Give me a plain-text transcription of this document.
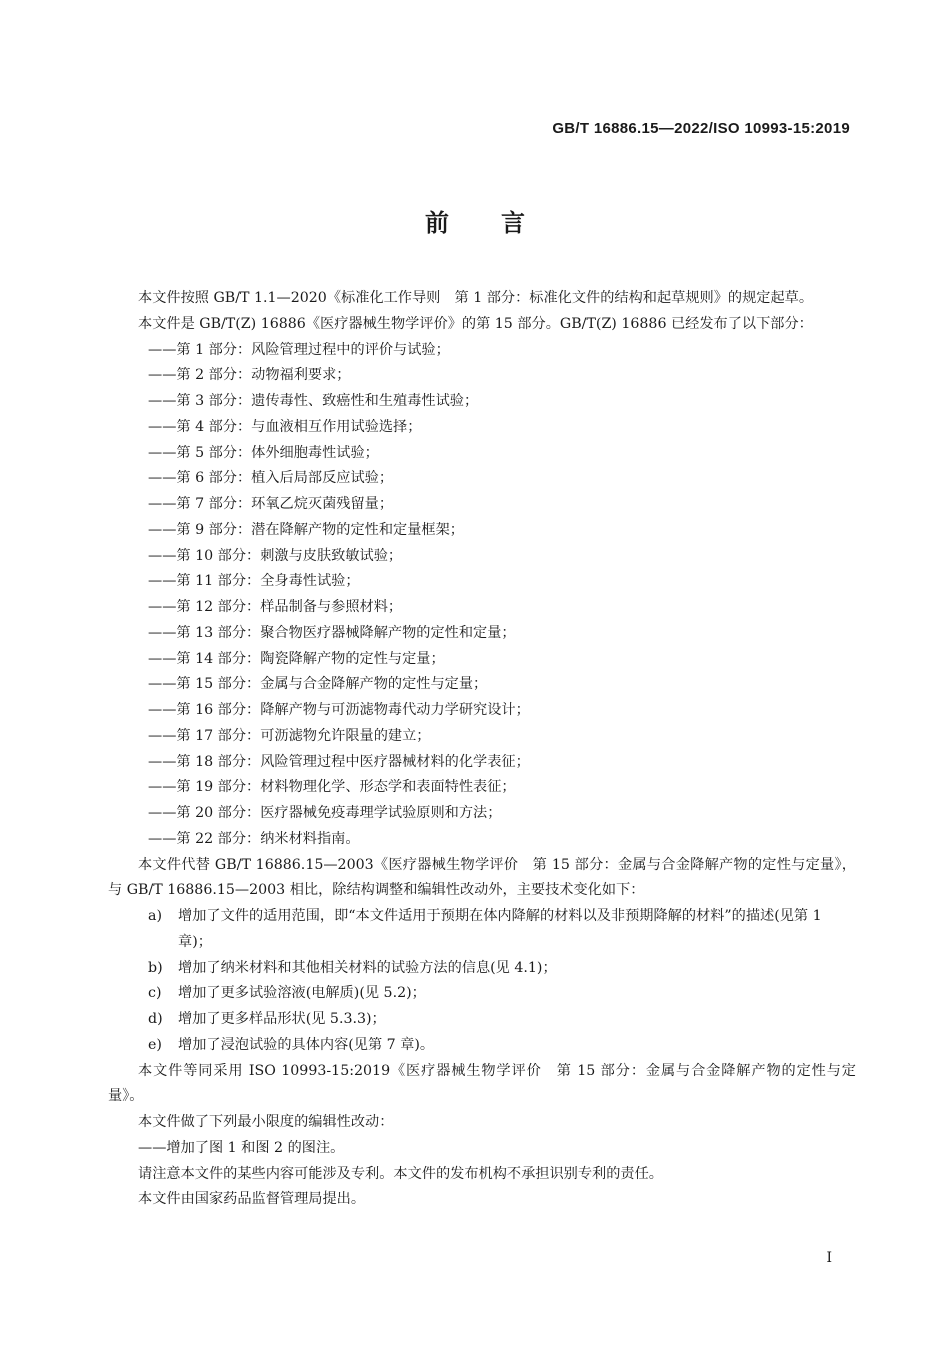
GB/T 16886.15—2022/ISO 10993-15:2019
前言

本文件按照 GB/T 1.1—2020《标准化工作导则　第 1 部分：标准化文件的结构和起草规则》的规定起草。

本文件是 GB/T(Z) 16886《医疗器械生物学评价》的第 15 部分。GB/T(Z) 16886 已经发布了以下部分：

——第 1 部分：风险管理过程中的评价与试验；
——第 2 部分：动物福利要求；
——第 3 部分：遗传毒性、致癌性和生殖毒性试验；
——第 4 部分：与血液相互作用试验选择；
——第 5 部分：体外细胞毒性试验；
——第 6 部分：植入后局部反应试验；
——第 7 部分：环氧乙烷灭菌残留量；
——第 9 部分：潜在降解产物的定性和定量框架；
——第 10 部分：刺激与皮肤致敏试验；
——第 11 部分：全身毒性试验；
——第 12 部分：样品制备与参照材料；
——第 13 部分：聚合物医疗器械降解产物的定性和定量；
——第 14 部分：陶瓷降解产物的定性与定量；
——第 15 部分：金属与合金降解产物的定性与定量；
——第 16 部分：降解产物与可沥滤物毒代动力学研究设计；
——第 17 部分：可沥滤物允许限量的建立；
——第 18 部分：风险管理过程中医疗器械材料的化学表征；
——第 19 部分：材料物理化学、形态学和表面特性表征；
——第 20 部分：医疗器械免疫毒理学试验原则和方法；
——第 22 部分：纳米材料指南。

本文件代替 GB/T 16886.15—2003《医疗器械生物学评价　第 15 部分：金属与合金降解产物的定性与定量》，与 GB/T 16886.15—2003 相比，除结构调整和编辑性改动外，主要技术变化如下：

a) 增加了文件的适用范围，即“本文件适用于预期在体内降解的材料以及非预期降解的材料”的描述(见第 1 章)；
b) 增加了纳米材料和其他相关材料的试验方法的信息(见 4.1)；
c) 增加了更多试验溶液(电解质)(见 5.2)；
d) 增加了更多样品形状(见 5.3.3)；
e) 增加了浸泡试验的具体内容(见第 7 章)。

本文件等同采用 ISO 10993-15:2019《医疗器械生物学评价　第 15 部分：金属与合金降解产物的定性与定量》。

本文件做了下列最小限度的编辑性改动：

——增加了图 1 和图 2 的图注。

请注意本文件的某些内容可能涉及专利。本文件的发布机构不承担识别专利的责任。

本文件由国家药品监督管理局提出。

I
